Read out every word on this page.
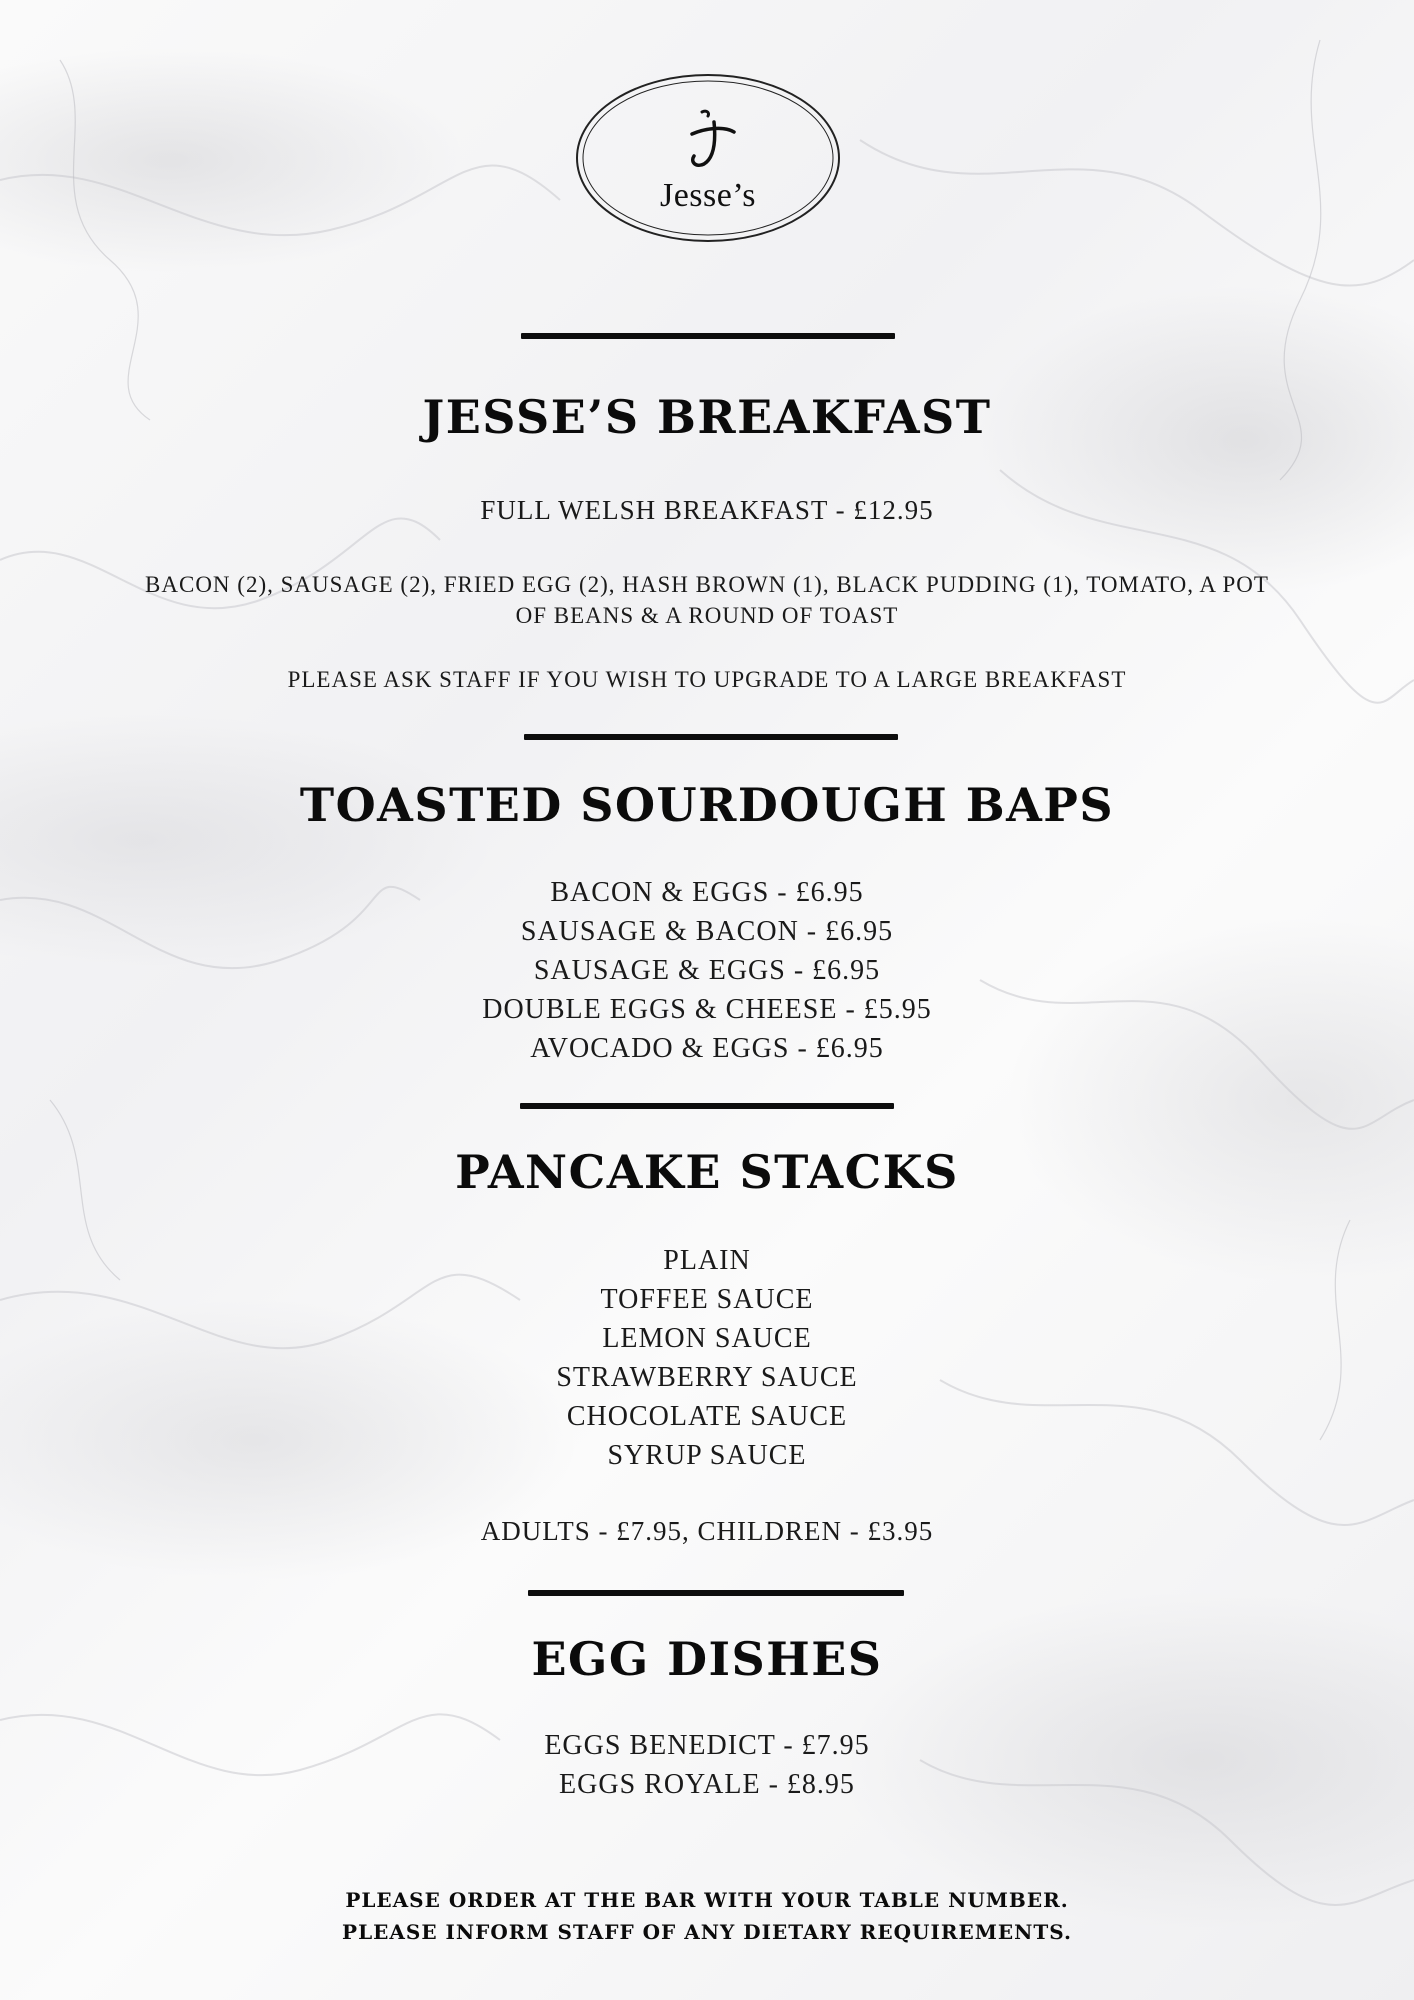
Jesse’s
JESSE’S BREAKFAST

FULL WELSH BREAKFAST - £12.95

BACON (2), SAUSAGE (2), FRIED EGG (2), HASH BROWN (1), BLACK PUDDING (1), TOMATO, A POT

OF BEANS & A ROUND OF TOAST

PLEASE ASK STAFF IF YOU WISH TO UPGRADE TO A LARGE BREAKFAST

TOASTED SOURDOUGH BAPS
BACON & EGGS - £6.95
SAUSAGE & BACON - £6.95
SAUSAGE & EGGS - £6.95
DOUBLE EGGS & CHEESE - £5.95
AVOCADO & EGGS - £6.95
PANCAKE STACKS
PLAIN
TOFFEE SAUCE
LEMON SAUCE
STRAWBERRY SAUCE
CHOCOLATE SAUCE
SYRUP SAUCE

ADULTS - £7.95, CHILDREN - £3.95

EGG DISHES
EGGS BENEDICT - £7.95
EGGS ROYALE - £8.95

PLEASE ORDER AT THE BAR WITH YOUR TABLE NUMBER.

PLEASE INFORM STAFF OF ANY DIETARY REQUIREMENTS.
